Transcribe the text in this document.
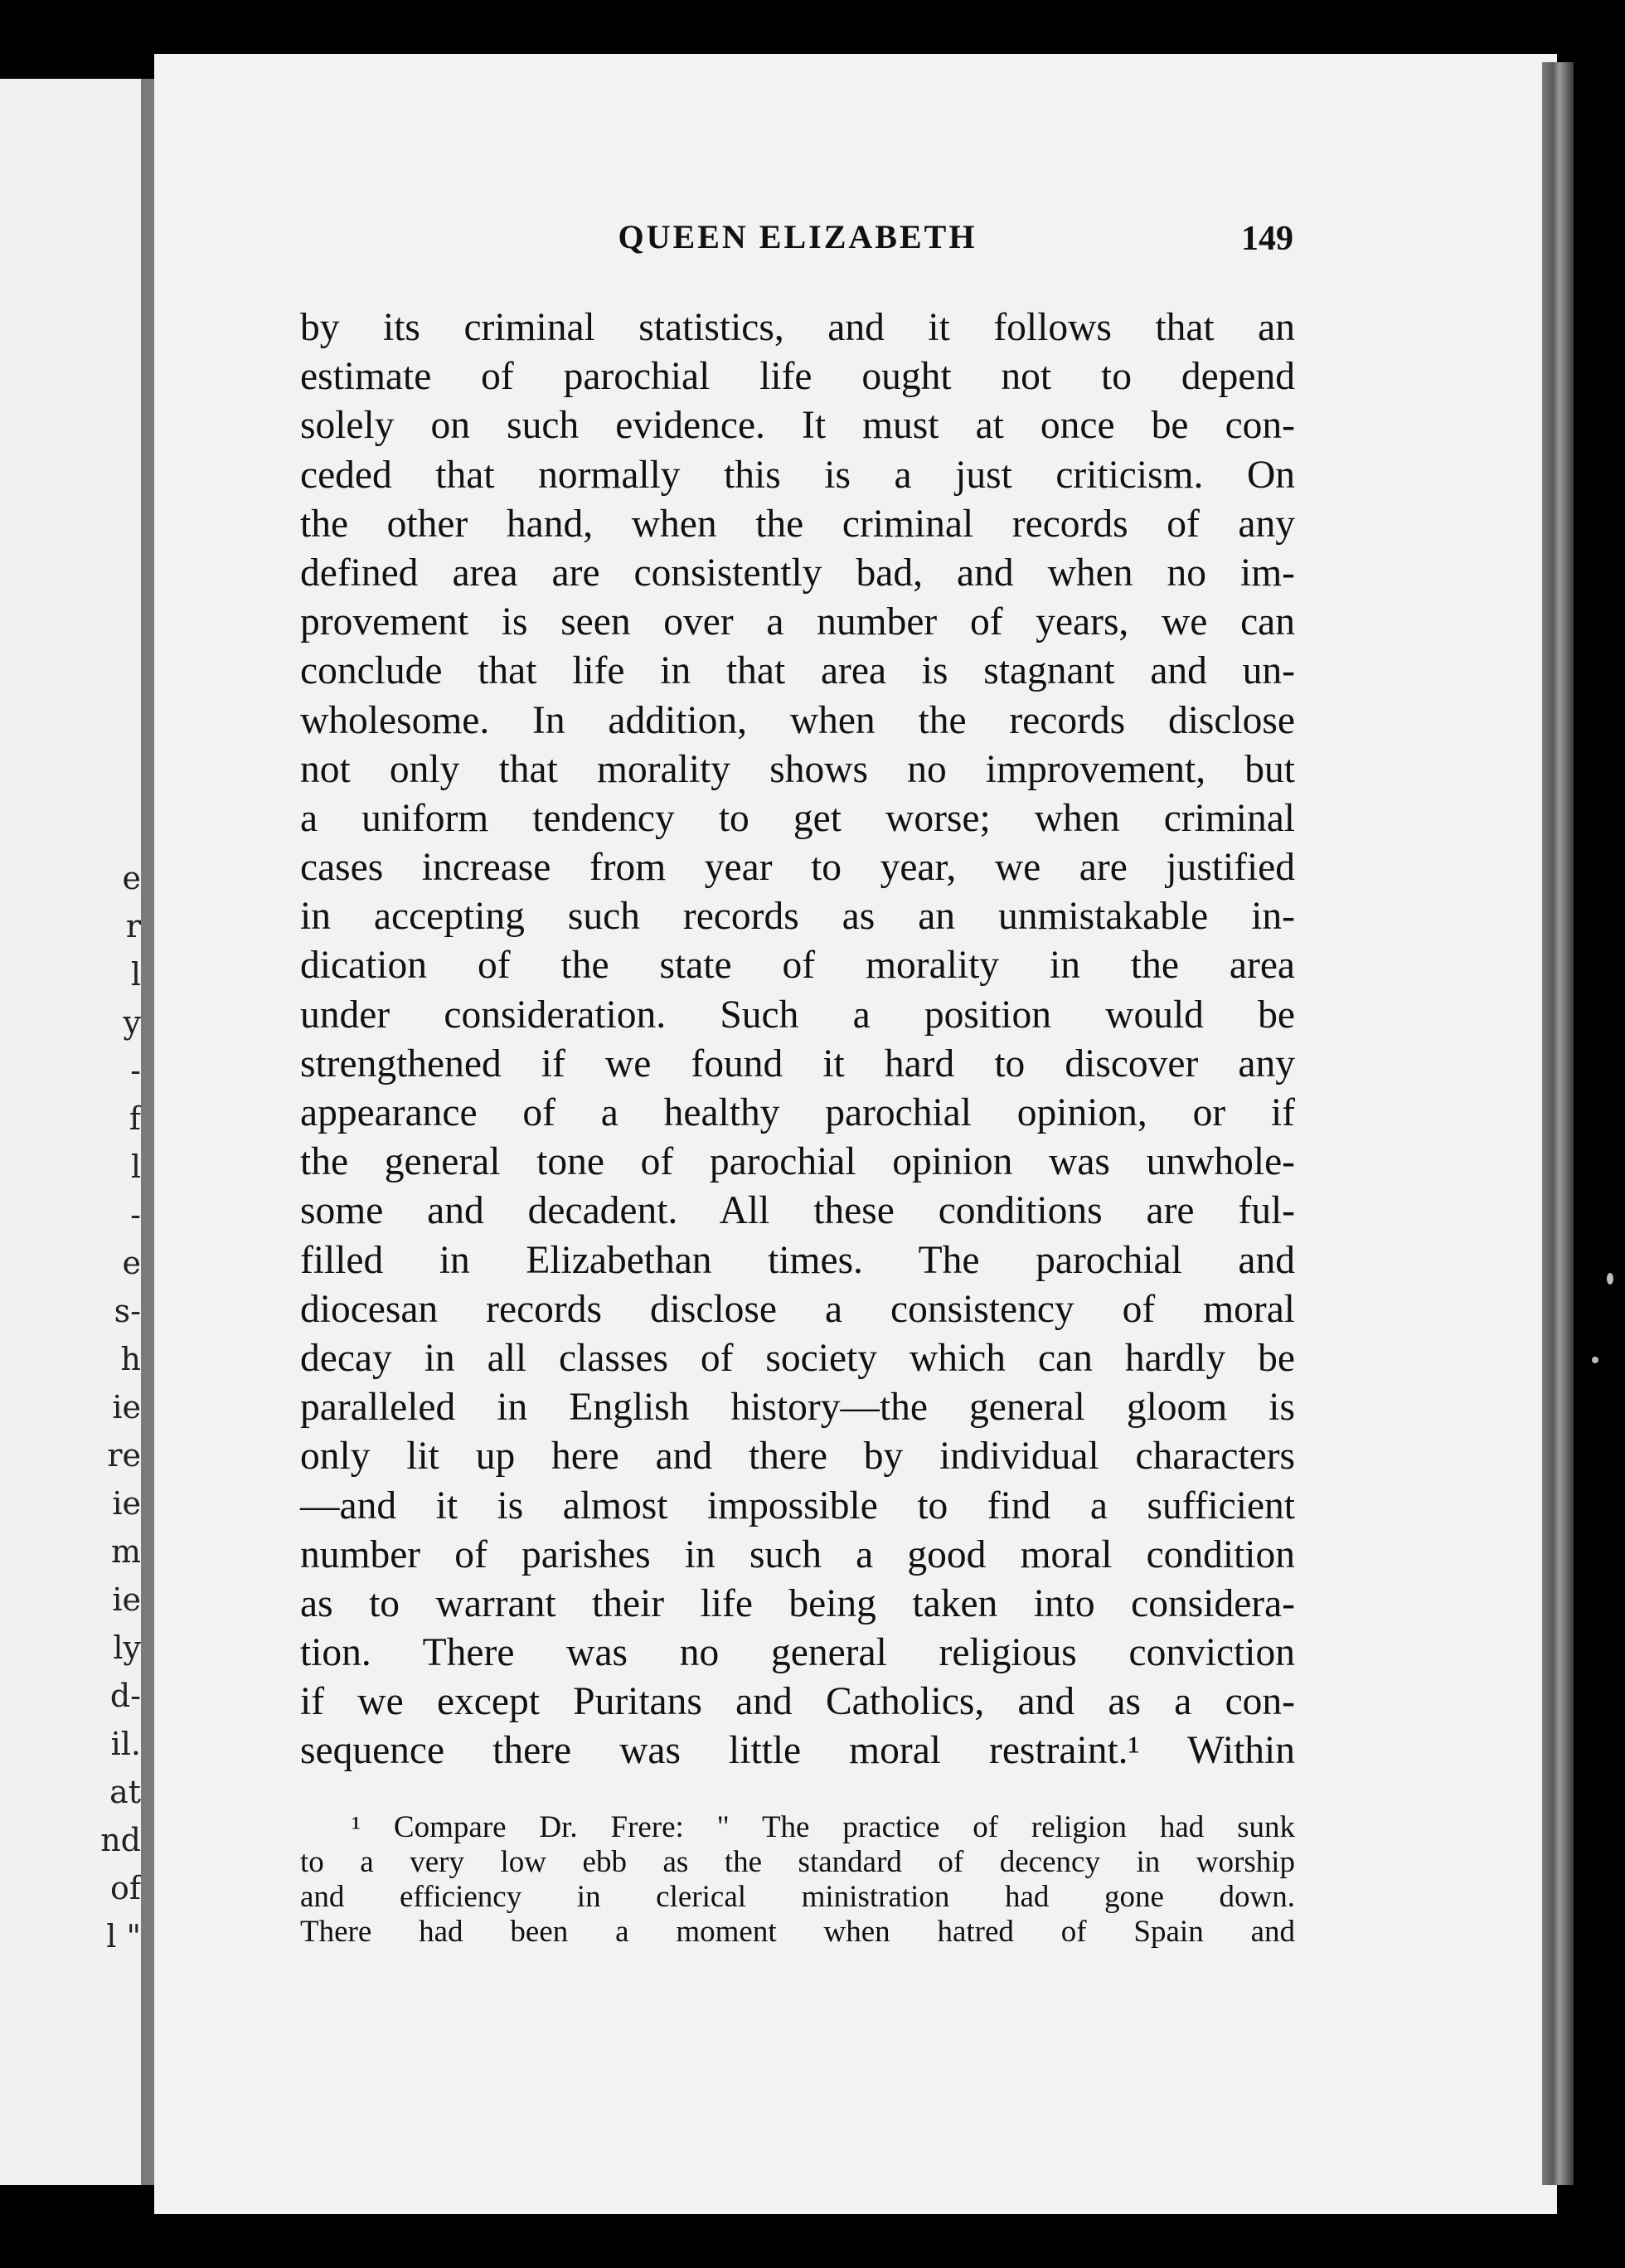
e
r
l
y
-
f
l
-
e
s-
h
ie
re
ie
m
ie
ly
d-
il.
at
nd
of
l "
QUEEN ELIZABETH	149
by its criminal statistics, and it follows that an
estimate of parochial life ought not to depend
solely on such evidence. It must at once be con-
ceded that normally this is a just criticism. On
the other hand, when the criminal records of any
defined area are consistently bad, and when no im-
provement is seen over a number of years, we can
conclude that life in that area is stagnant and un-
wholesome. In addition, when the records disclose
not only that morality shows no improvement, but
a uniform tendency to get worse; when criminal
cases increase from year to year, we are justified
in accepting such records as an unmistakable in-
dication of the state of morality in the area
under consideration. Such a position would be
strengthened if we found it hard to discover any
appearance of a healthy parochial opinion, or if
the general tone of parochial opinion was unwhole-
some and decadent. All these conditions are ful-
filled in Elizabethan times. The parochial and
diocesan records disclose a consistency of moral
decay in all classes of society which can hardly be
paralleled in English history—the general gloom is
only lit up here and there by individual characters
—and it is almost impossible to find a sufficient
number of parishes in such a good moral condition
as to warrant their life being taken into considera-
tion. There was no general religious conviction
if we except Puritans and Catholics, and as a con-
sequence there was little moral restraint.¹ Within
¹ Compare Dr. Frere: " The practice of religion had sunk
to a very low ebb as the standard of decency in worship
and efficiency in clerical ministration had gone down.
There had been a moment when hatred of Spain and
